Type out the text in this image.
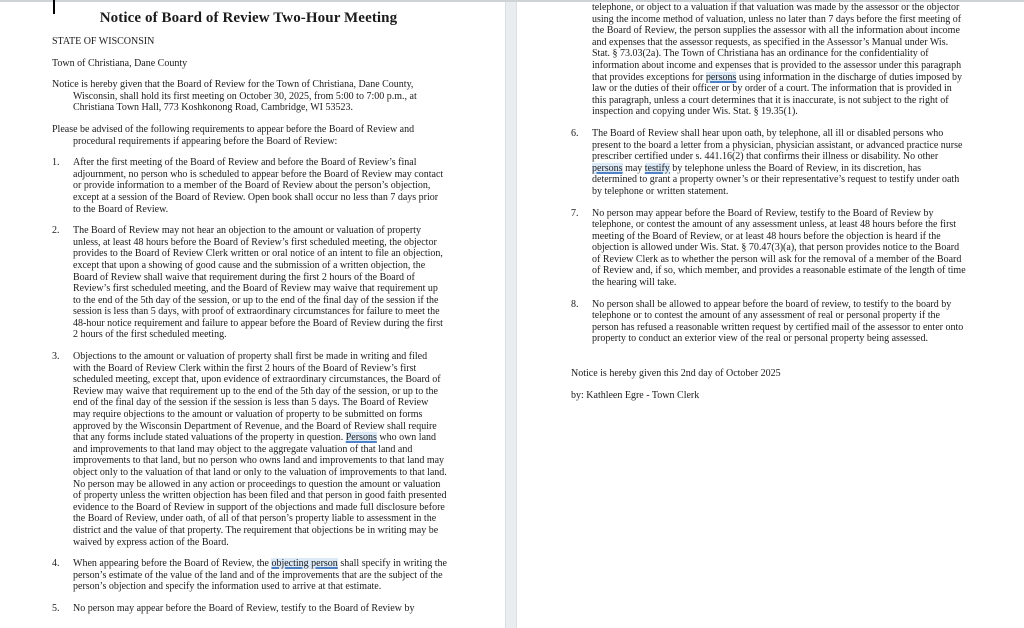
Notice of Board of Review Two-Hour Meeting

STATE OF WISCONSIN

Town of Christiana, Dane County

Notice is hereby given that the Board of Review for the Town of Christiana, Dane County, Wisconsin, shall hold its first meeting on October 30, 2025, from 5:00 to 7:00 p.m., at Christiana Town Hall, 773 Koshkonong Road, Cambridge, WI 53523.

Please be advised of the following requirements to appear before the Board of Review and procedural requirements if appearing before the Board of Review:

1. After the first meeting of the Board of Review and before the Board of Review’s final adjournment, no person who is scheduled to appear before the Board of Review may contact or provide information to a member of the Board of Review about the person’s objection, except at a session of the Board of Review. Open book shall occur no less than 7 days prior to the Board of Review.
2. The Board of Review may not hear an objection to the amount or valuation of property unless, at least 48 hours before the Board of Review’s first scheduled meeting, the objector provides to the Board of Review Clerk written or oral notice of an intent to file an objection, except that upon a showing of good cause and the submission of a written objection, the Board of Review shall waive that requirement during the first 2 hours of the Board of Review’s first scheduled meeting, and the Board of Review may waive that requirement up to the end of the 5th day of the session, or up to the end of the final day of the session if the session is less than 5 days, with proof of extraordinary circumstances for failure to meet the 48-hour notice requirement and failure to appear before the Board of Review during the first 2 hours of the first scheduled meeting.
3. Objections to the amount or valuation of property shall first be made in writing and filed with the Board of Review Clerk within the first 2 hours of the Board of Review’s first scheduled meeting, except that, upon evidence of extraordinary circumstances, the Board of Review may waive that requirement up to the end of the 5th day of the session, or up to the end of the final day of the session if the session is less than 5 days. The Board of Review may require objections to the amount or valuation of property to be submitted on forms approved by the Wisconsin Department of Revenue, and the Board of Review shall require that any forms include stated valuations of the property in question. Persons who own land and improvements to that land may object to the aggregate valuation of that land and improvements to that land, but no person who owns land and improvements to that land may object only to the valuation of that land or only to the valuation of improvements to that land. No person may be allowed in any action or proceedings to question the amount or valuation of property unless the written objection has been filed and that person in good faith presented evidence to the Board of Review in support of the objections and made full disclosure before the Board of Review, under oath, of all of that person’s property liable to assessment in the district and the value of that property. The requirement that objections be in writing may be waived by express action of the Board.
4. When appearing before the Board of Review, the objecting person shall specify in writing the person’s estimate of the value of the land and of the improvements that are the subject of the person’s objection and specify the information used to arrive at that estimate.
5. No person may appear before the Board of Review, testify to the Board of Review by
telephone, or object to a valuation if that valuation was made by the assessor or the objector using the income method of valuation, unless no later than 7 days before the first meeting of the Board of Review, the person supplies the assessor with all the information about income and expenses that the assessor requests, as specified in the Assessor’s Manual under Wis. Stat. § 73.03(2a). The Town of Christiana has an ordinance for the confidentiality of information about income and expenses that is provided to the assessor under this paragraph that provides exceptions for persons using information in the discharge of duties imposed by law or the duties of their officer or by order of a court. The information that is provided in this paragraph, unless a court determines that it is inaccurate, is not subject to the right of inspection and copying under Wis. Stat. § 19.35(1).
6. The Board of Review shall hear upon oath, by telephone, all ill or disabled persons who present to the board a letter from a physician, physician assistant, or advanced practice nurse prescriber certified under s. 441.16(2) that confirms their illness or disability. No other persons may testify by telephone unless the Board of Review, in its discretion, has determined to grant a property owner’s or their representative’s request to testify under oath by telephone or written statement.
7. No person may appear before the Board of Review, testify to the Board of Review by telephone, or contest the amount of any assessment unless, at least 48 hours before the first meeting of the Board of Review, or at least 48 hours before the objection is heard if the objection is allowed under Wis. Stat. § 70.47(3)(a), that person provides notice to the Board of Review Clerk as to whether the person will ask for the removal of a member of the Board of Review and, if so, which member, and provides a reasonable estimate of the length of time the hearing will take.
8. No person shall be allowed to appear before the board of review, to testify to the board by telephone or to contest the amount of any assessment of real or personal property if the person has refused a reasonable written request by certified mail of the assessor to enter onto property to conduct an exterior view of the real or personal property being assessed.

Notice is hereby given this 2nd day of October 2025

by: Kathleen Egre - Town Clerk
